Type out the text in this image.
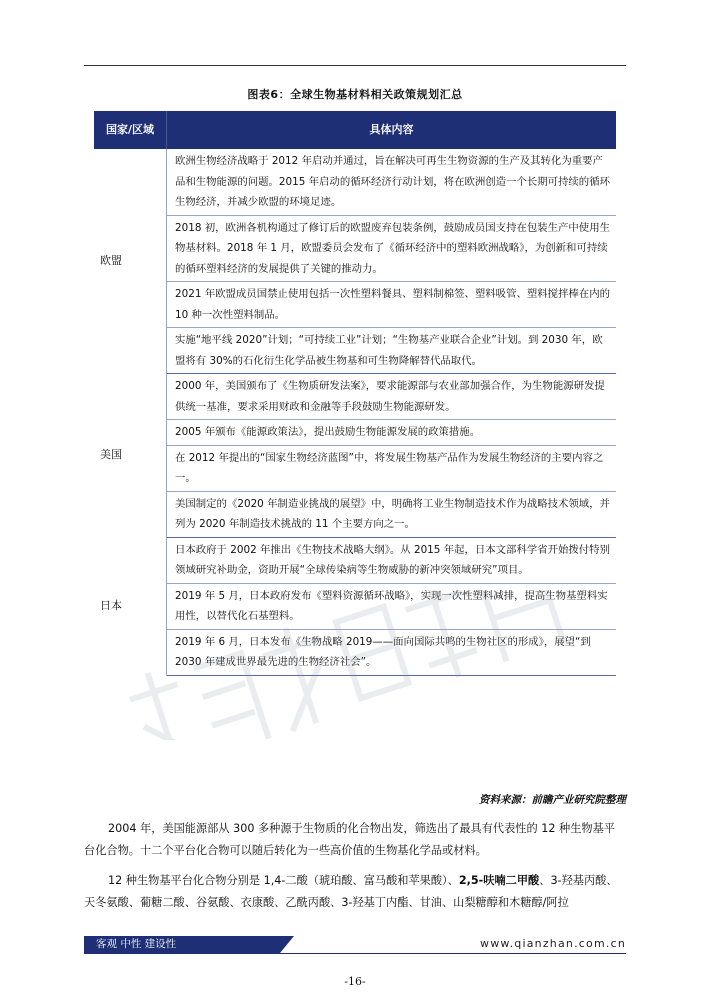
图表6：全球生物基材料相关政策规划汇总
国家/区域	具体内容
欧盟	欧洲生物经济战略于 2012 年启动并通过，旨在解决可再生生物资源的生产及其转化为重要产品和生物能源的问题。2015 年启动的循环经济行动计划，将在欧洲创造一个长期可持续的循环生物经济，并减少欧盟的环境足迹。
	2018 初，欧洲各机构通过了修订后的欧盟废弃包装条例，鼓励成员国支持在包装生产中使用生物基材料。2018 年 1 月，欧盟委员会发布了《循环经济中的塑料欧洲战略》，为创新和可持续的循环塑料经济的发展提供了关键的推动力。
	2021 年欧盟成员国禁止使用包括一次性塑料餐具、塑料制棉签、塑料吸管、塑料搅拌棒在内的 10 种一次性塑料制品。
	实施“地平线 2020”计划；“可持续工业”计划；“生物基产业联合企业”计划。到 2030 年，欧盟将有 30%的石化衍生化学品被生物基和可生物降解替代品取代。
美国	2000 年，美国颁布了《生物质研发法案》，要求能源部与农业部加强合作，为生物能源研发提供统一基准，要求采用财政和金融等手段鼓励生物能源研发。
	2005 年颁布《能源政策法》，提出鼓励生物能源发展的政策措施。
	在 2012 年提出的“国家生物经济蓝图”中，将发展生物基产品作为发展生物经济的主要内容之一。
	美国制定的《2020 年制造业挑战的展望》中，明确将工业生物制造技术作为战略技术领域，并列为 2020 年制造技术挑战的 11 个主要方向之一。
日本	日本政府于 2002 年推出《生物技术战略大纲》。从 2015 年起，日本文部科学省开始拨付特别领域研究补助金，资助开展“全球传染病等生物威胁的新冲突领域研究”项目。
	2019 年 5 月，日本政府发布《塑料资源循环战略》，实现一次性塑料减排，提高生物基塑料实用性，以替代化石基塑料。
	2019 年 6 月，日本发布《生物战略 2019——面向国际共鸣的生物社区的形成》，展望“到 2030 年建成世界最先进的生物经济社会”。
资料来源：前瞻产业研究院整理
2004 年，美国能源部从 300 多种源于生物质的化合物出发，筛选出了最具有代表性的 12 种生物基平台化合物。十二个平台化合物可以随后转化为一些高价值的生物基化学品或材料。
12 种生物基平台化合物分别是 1,4-二酸（琥珀酸、富马酸和苹果酸）、2,5-呋喃二甲酸、3-羟基丙酸、天冬氨酸、葡糖二酸、谷氨酸、衣康酸、乙酰丙酸、3-羟基丁内酯、甘油、山梨糖醇和木糖醇/阿拉
客观 中性 建设性	www.qianzhan.com.cn
-16-
